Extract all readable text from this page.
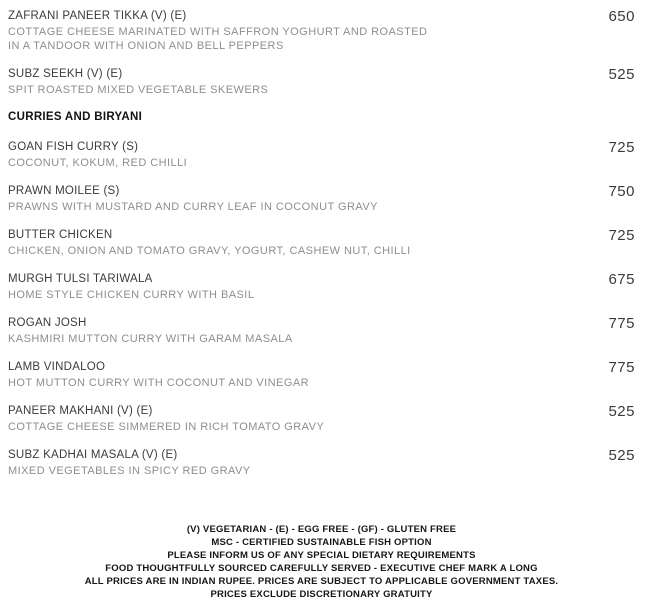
ZAFRANI PANEER TIKKA (V) (E)
COTTAGE CHEESE MARINATED WITH SAFFRON YOGHURT AND ROASTED
IN A TANDOOR WITH ONION AND BELL PEPPERS
650
SUBZ SEEKH (V) (E)
SPIT ROASTED MIXED VEGETABLE SKEWERS
525
CURRIES AND BIRYANI
GOAN FISH CURRY (S)
COCONUT, KOKUM, RED CHILLI
725
PRAWN MOILEE (S)
PRAWNS WITH MUSTARD AND CURRY LEAF IN COCONUT GRAVY
750
BUTTER CHICKEN
CHICKEN, ONION AND TOMATO GRAVY, YOGURT, CASHEW NUT, CHILLI
725
MURGH TULSI TARIWALA
HOME STYLE CHICKEN CURRY WITH BASIL
675
ROGAN JOSH
KASHMIRI MUTTON CURRY WITH GARAM MASALA
775
LAMB VINDALOO
HOT MUTTON CURRY WITH COCONUT AND VINEGAR
775
PANEER MAKHANI (V) (E)
COTTAGE CHEESE SIMMERED IN RICH TOMATO GRAVY
525
SUBZ KADHAI MASALA (V) (E)
MIXED VEGETABLES IN SPICY RED GRAVY
525
(V) VEGETARIAN - (E) - EGG FREE - (GF) - GLUTEN FREE
MSC - CERTIFIED SUSTAINABLE FISH OPTION
PLEASE INFORM US OF ANY SPECIAL DIETARY REQUIREMENTS
FOOD THOUGHTFULLY SOURCED CAREFULLY SERVED - EXECUTIVE CHEF MARK A LONG
ALL PRICES ARE IN INDIAN RUPEE. PRICES ARE SUBJECT TO APPLICABLE GOVERNMENT TAXES.
PRICES EXCLUDE DISCRETIONARY GRATUITY
